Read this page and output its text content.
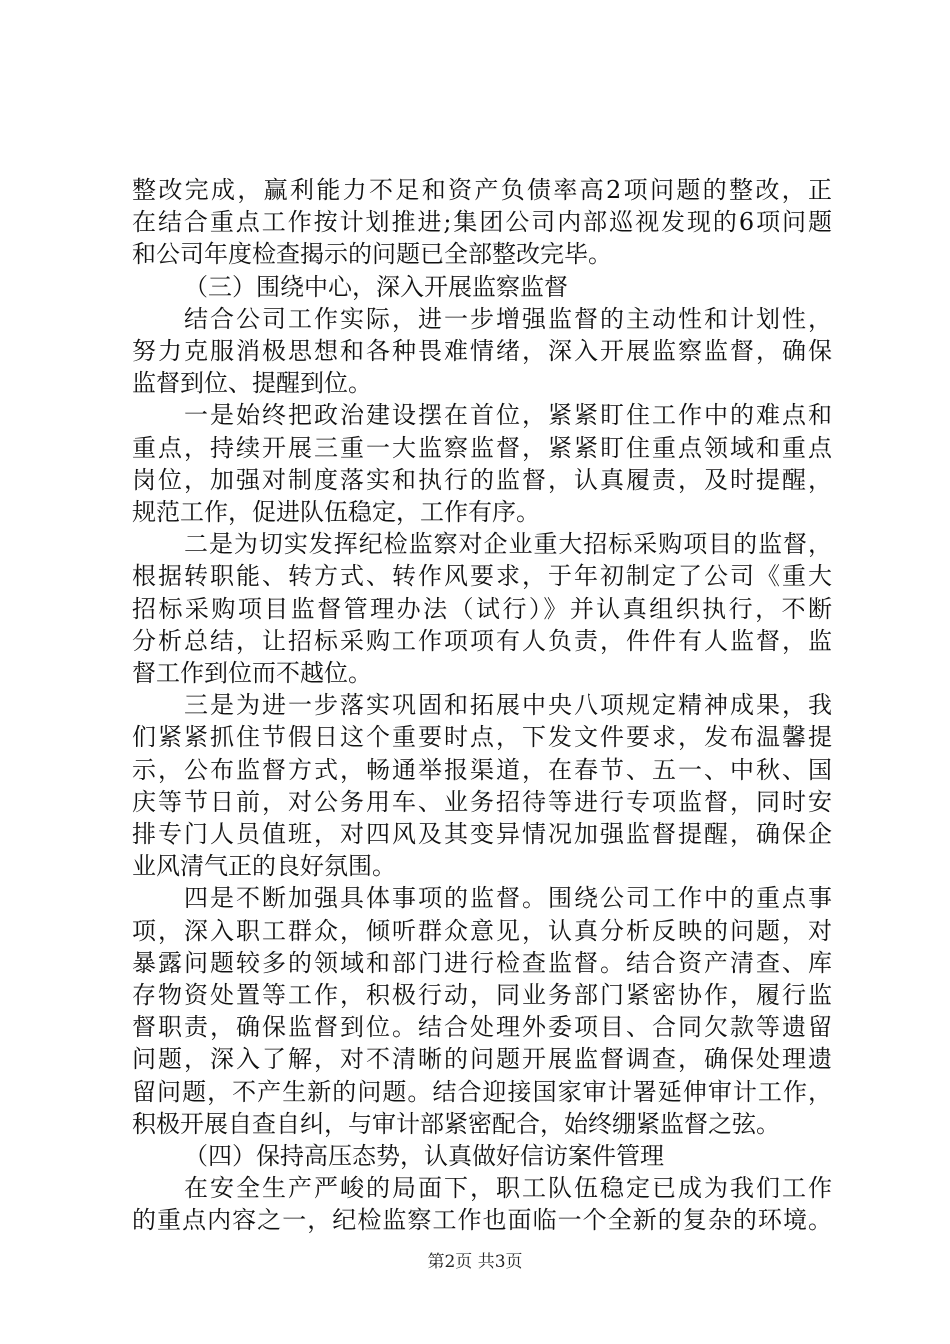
整改完成，赢利能力不足和资产负债率高2项问题的整改，正
在结合重点工作按计划推进;集团公司内部巡视发现的6项问题
和公司年度检查揭示的问题已全部整改完毕。
（三）围绕中心，深入开展监察监督
结合公司工作实际，进一步增强监督的主动性和计划性，
努力克服消极思想和各种畏难情绪，深入开展监察监督，确保
监督到位、提醒到位。
一是始终把政治建设摆在首位，紧紧盯住工作中的难点和
重点，持续开展三重一大监察监督，紧紧盯住重点领域和重点
岗位，加强对制度落实和执行的监督，认真履责，及时提醒，
规范工作，促进队伍稳定，工作有序。
二是为切实发挥纪检监察对企业重大招标采购项目的监督，
根据转职能、转方式、转作风要求，于年初制定了公司《重大
招标采购项目监督管理办法（试行）》并认真组织执行，不断
分析总结，让招标采购工作项项有人负责，件件有人监督，监
督工作到位而不越位。
三是为进一步落实巩固和拓展中央八项规定精神成果，我
们紧紧抓住节假日这个重要时点，下发文件要求，发布温馨提
示，公布监督方式，畅通举报渠道，在春节、五一、中秋、国
庆等节日前，对公务用车、业务招待等进行专项监督，同时安
排专门人员值班，对四风及其变异情况加强监督提醒，确保企
业风清气正的良好氛围。
四是不断加强具体事项的监督。围绕公司工作中的重点事
项，深入职工群众，倾听群众意见，认真分析反映的问题，对
暴露问题较多的领域和部门进行检查监督。结合资产清查、库
存物资处置等工作，积极行动，同业务部门紧密协作，履行监
督职责，确保监督到位。结合处理外委项目、合同欠款等遗留
问题，深入了解，对不清晰的问题开展监督调查，确保处理遗
留问题，不产生新的问题。结合迎接国家审计署延伸审计工作，
积极开展自查自纠，与审计部紧密配合，始终绷紧监督之弦。
（四）保持高压态势，认真做好信访案件管理
在安全生产严峻的局面下，职工队伍稳定已成为我们工作
的重点内容之一，纪检监察工作也面临一个全新的复杂的环境。
第2页 共3页
